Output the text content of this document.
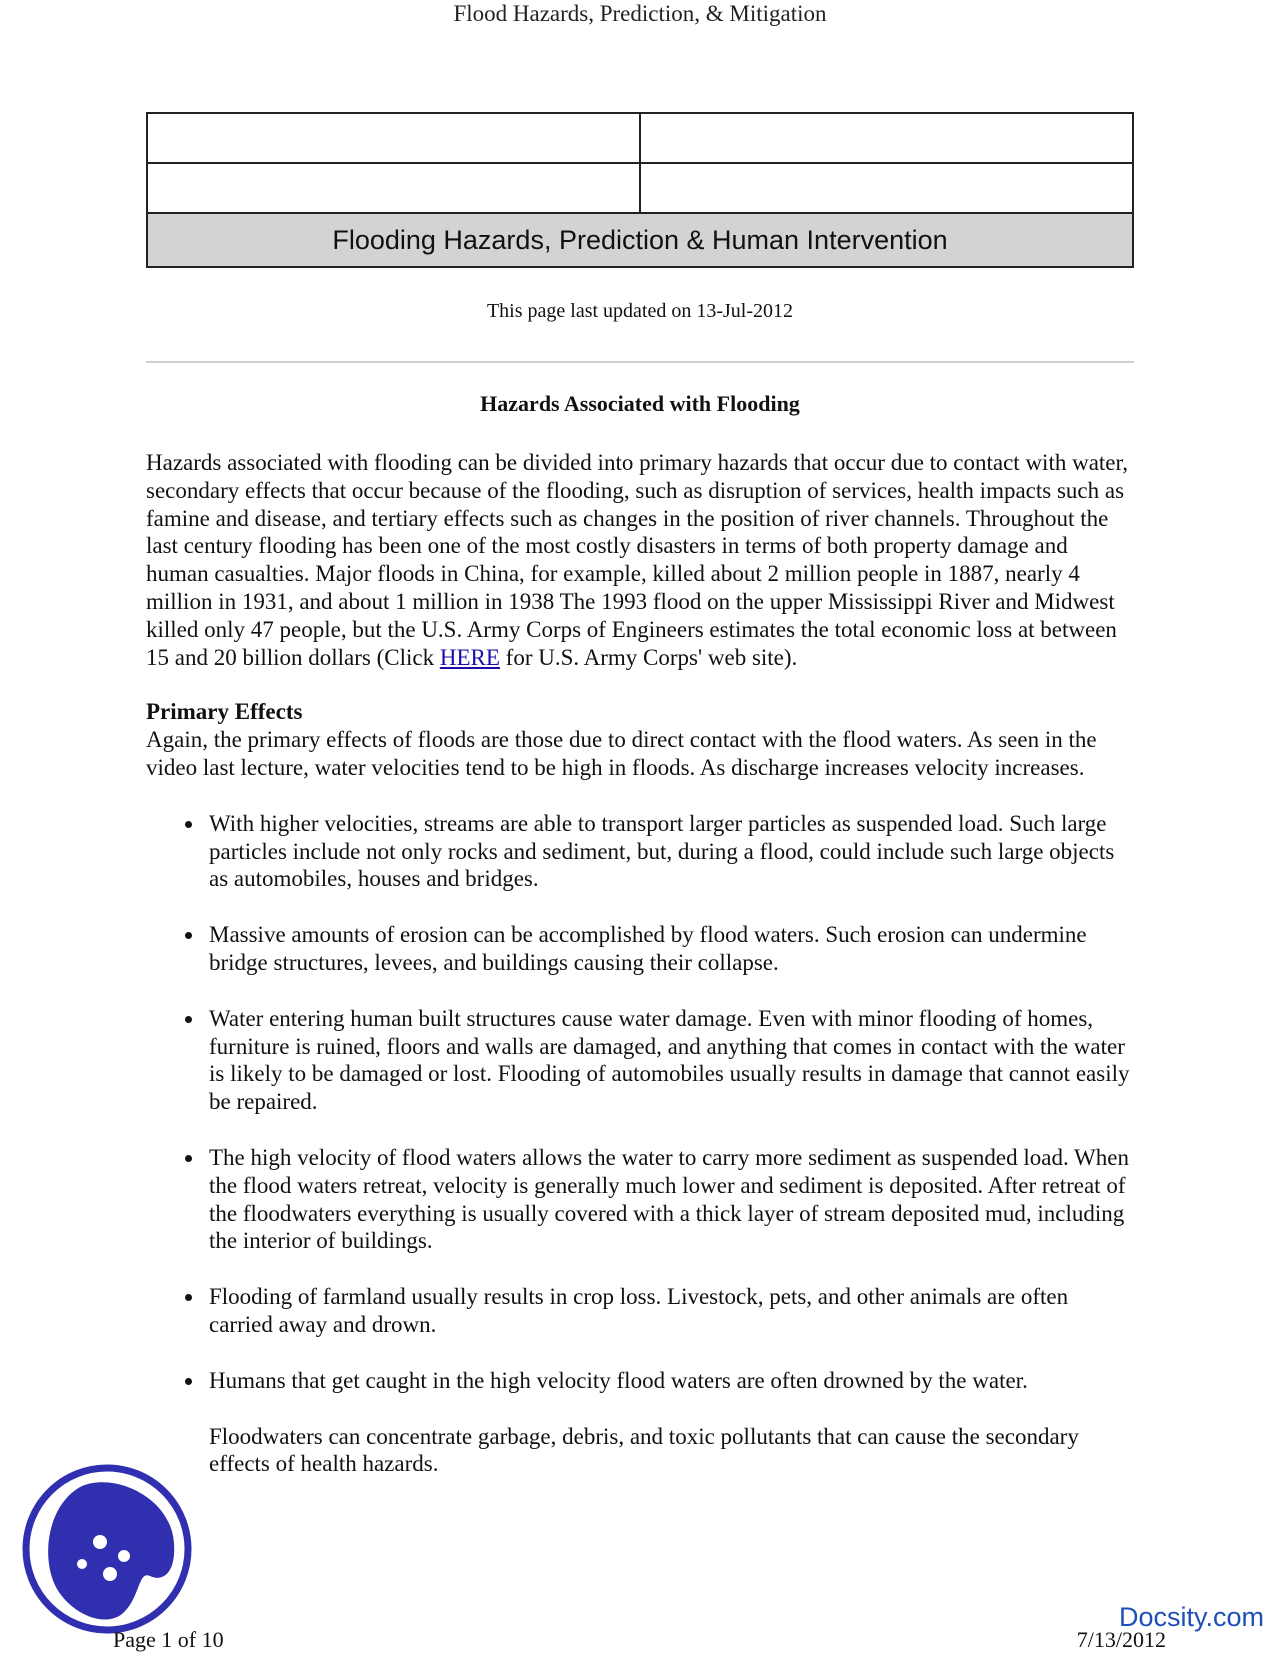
Flood Hazards, Prediction, & Mitigation

Flooding Hazards, Prediction & Human Intervention	
This page last updated on 13-Jul-2012
Hazards Associated with Flooding

Hazards associated with flooding can be divided into primary hazards that occur due to contact with water, secondary effects that occur because of the flooding, such as disruption of services, health impacts such as famine and disease, and tertiary effects such as changes in the position of river channels. Throughout the last century flooding has been one of the most costly disasters in terms of both property damage and human casualties. Major floods in China, for example, killed about 2 million people in 1887, nearly 4 million in 1931, and about 1 million in 1938 The 1993 flood on the upper Mississippi River and Midwest killed only 47 people, but the U.S. Army Corps of Engineers estimates the total economic loss at between 15 and 20 billion dollars (Click HERE for U.S. Army Corps' web site).

Primary Effects

Again, the primary effects of floods are those due to direct contact with the flood waters. As seen in the video last lecture, water velocities tend to be high in floods. As discharge increases velocity increases.

With higher velocities, streams are able to transport larger particles as suspended load. Such large particles include not only rocks and sediment, but, during a flood, could include such large objects as automobiles, houses and bridges.
Massive amounts of erosion can be accomplished by flood waters. Such erosion can undermine bridge structures, levees, and buildings causing their collapse.
Water entering human built structures cause water damage. Even with minor flooding of homes, furniture is ruined, floors and walls are damaged, and anything that comes in contact with the water is likely to be damaged or lost. Flooding of automobiles usually results in damage that cannot easily be repaired.
The high velocity of flood waters allows the water to carry more sediment as suspended load. When the flood waters retreat, velocity is generally much lower and sediment is deposited. After retreat of the floodwaters everything is usually covered with a thick layer of stream deposited mud, including the interior of buildings.
Flooding of farmland usually results in crop loss. Livestock, pets, and other animals are often carried away and drown.
Humans that get caught in the high velocity flood waters are often drowned by the water.

Floodwaters can concentrate garbage, debris, and toxic pollutants that can cause the secondary effects of health hazards.

Docsity.com
Page 1 of 10	7/13/2012
